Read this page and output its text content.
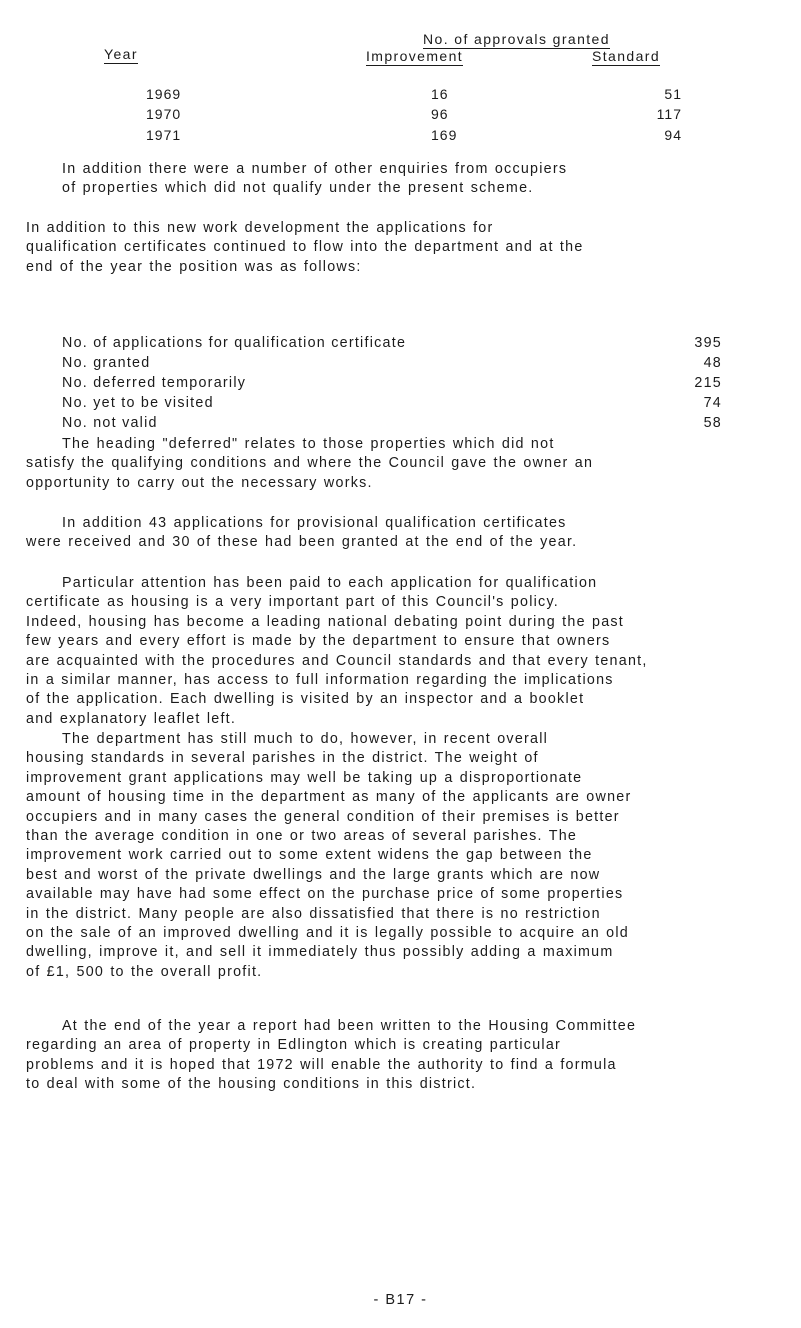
Year
No. of approvals granted
Improvement	Standard
1969	16	51
1970	96	117
1971	169	94
In addition there were a number of other enquiries from occupiers
of properties which did not qualify under the present scheme.
In addition to this new work development the applications for
qualification certificates continued to flow into the department and at the
end of the year the position was as follows:
No. of applications for qualification certificate	395
No. granted	48
No. deferred temporarily	215
No. yet to be visited	74
No. not valid	58
The heading "deferred" relates to those properties which did not
satisfy the qualifying conditions and where the Council gave the owner an
opportunity to carry out the necessary works.
In addition 43 applications for provisional qualification certificates
were received and 30 of these had been granted at the end of the year.
Particular attention has been paid to each application for qualification
certificate as housing is a very important part of this Council's policy.
Indeed, housing has become a leading national debating point during the past
few years and every effort is made by the department to ensure that owners
are acquainted with the procedures and Council standards and that every tenant,
in a similar manner, has access to full information regarding the implications
of the application. Each dwelling is visited by an inspector and a booklet
and explanatory leaflet left.
The department has still much to do, however, in recent overall
housing standards in several parishes in the district. The weight of
improvement grant applications may well be taking up a disproportionate
amount of housing time in the department as many of the applicants are owner
occupiers and in many cases the general condition of their premises is better
than the average condition in one or two areas of several parishes. The
improvement work carried out to some extent widens the gap between the
best and worst of the private dwellings and the large grants which are now
available may have had some effect on the purchase price of some properties
in the district. Many people are also dissatisfied that there is no restriction
on the sale of an improved dwelling and it is legally possible to acquire an old
dwelling, improve it, and sell it immediately thus possibly adding a maximum
of £1, 500 to the overall profit.
At the end of the year a report had been written to the Housing Committee
regarding an area of property in Edlington which is creating particular
problems and it is hoped that 1972 will enable the authority to find a formula
to deal with some of the housing conditions in this district.
- B17 -
